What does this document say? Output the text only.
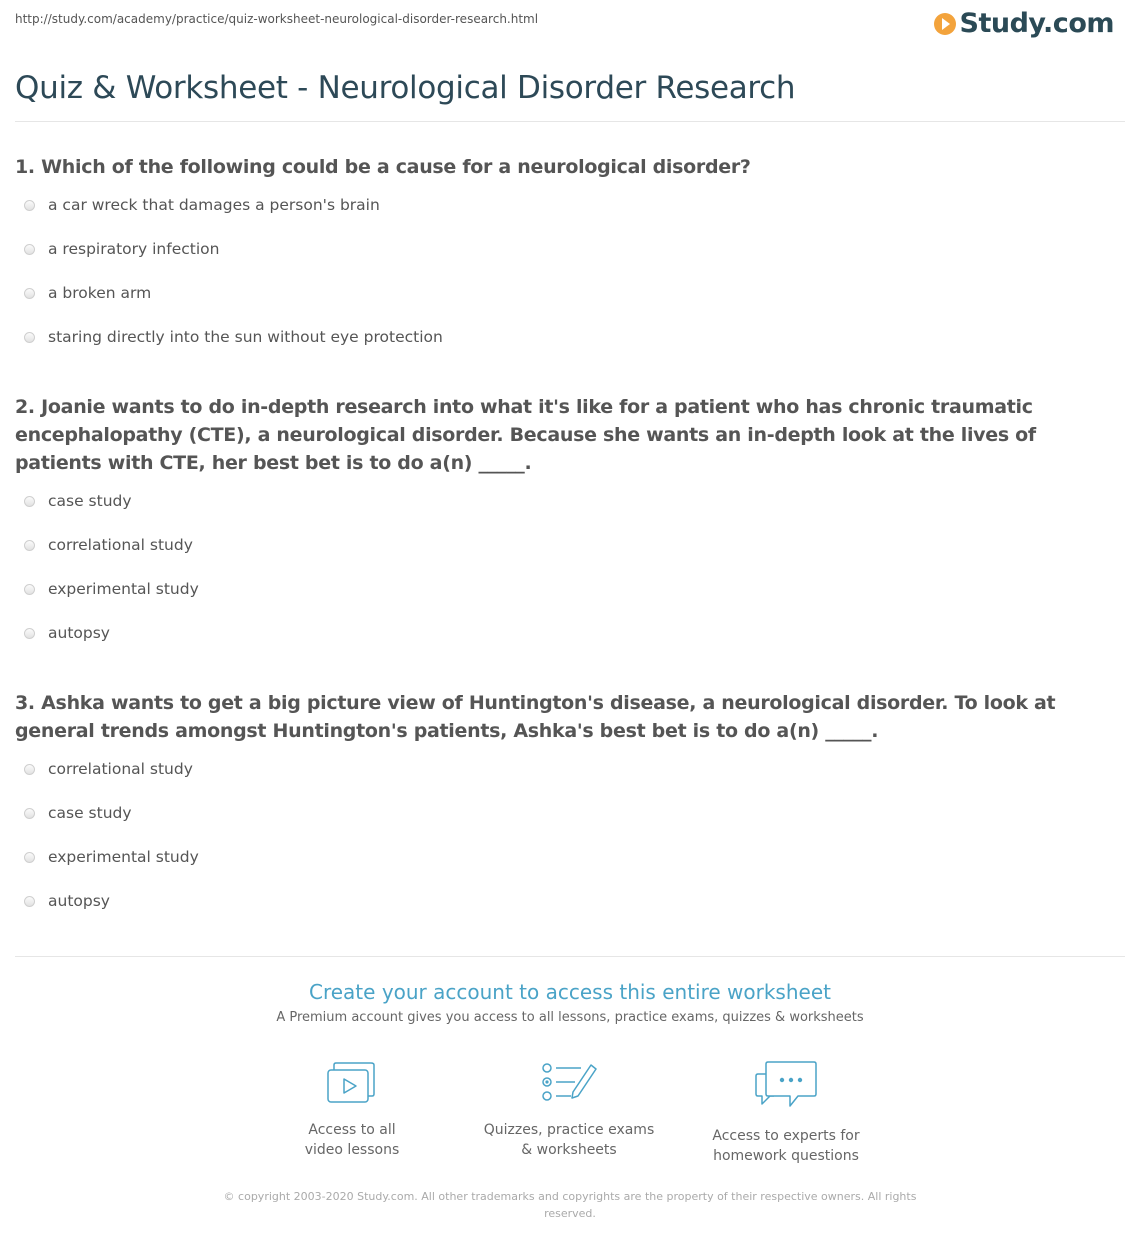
http://study.com/academy/practice/quiz-worksheet-neurological-disorder-research.html	Study.com
Quiz & Worksheet - Neurological Disorder Research

1. Which of the following could be a cause for a neurological disorder?

a car wreck that damages a person's brain
a respiratory infection
a broken arm
staring directly into the sun without eye protection

2. Joanie wants to do in-depth research into what it's like for a patient who has chronic traumatic encephalopathy (CTE), a neurological disorder. Because she wants an in-depth look at the lives of patients with CTE, her best bet is to do a(n) _____.

case study
correlational study
experimental study
autopsy

3. Ashka wants to get a big picture view of Huntington's disease, a neurological disorder. To look at general trends amongst Huntington's patients, Ashka's best bet is to do a(n) _____.

correlational study
case study
experimental study
autopsy

Create your account to access this entire worksheet

A Premium account gives you access to all lessons, practice exams, quizzes & worksheets
Access to all
video lessons
Quizzes, practice exams
& worksheets
Access to experts for
homework questions
© copyright 2003-2020 Study.com. All other trademarks and copyrights are the property of their respective owners. All rights reserved.
